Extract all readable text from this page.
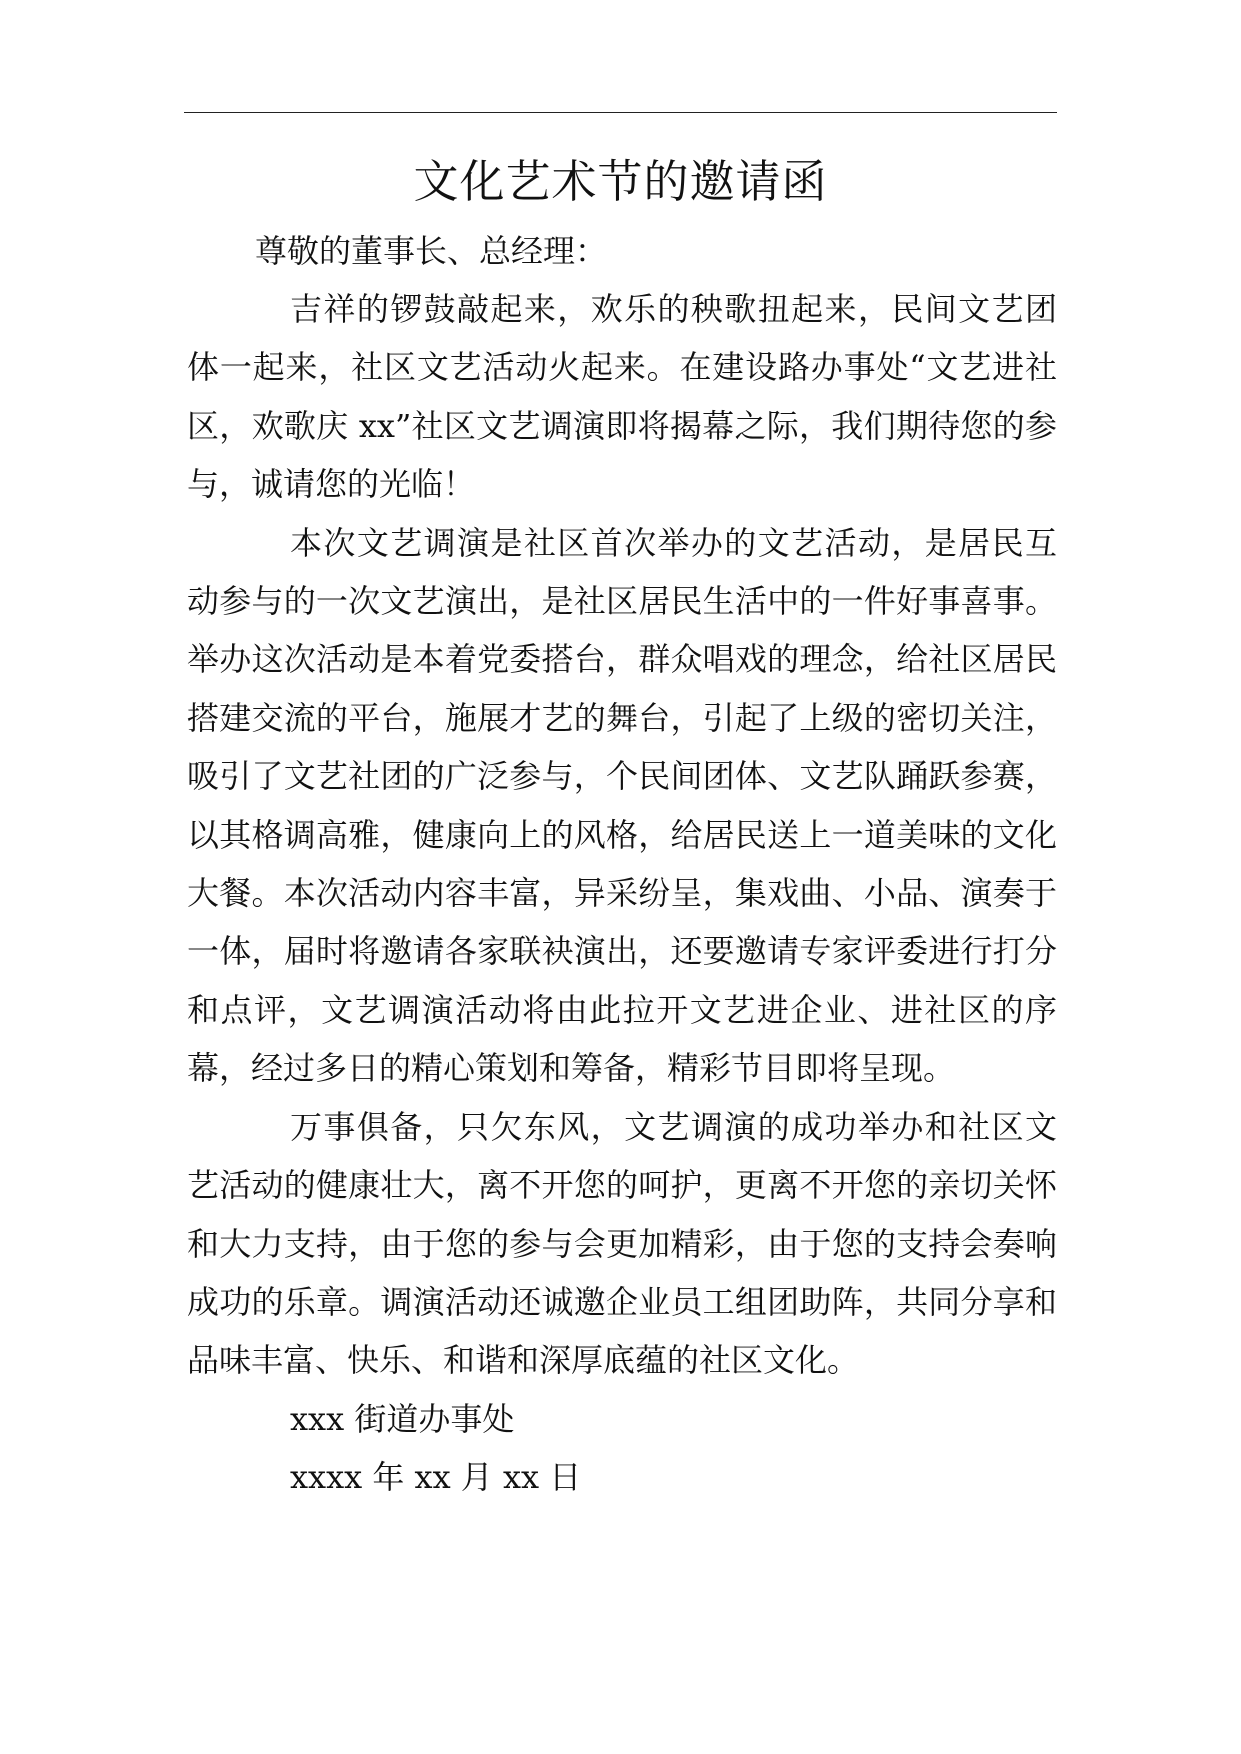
文化艺术节的邀请函

尊敬的董事长、总经理：

吉祥的锣鼓敲起来，欢乐的秧歌扭起来，民间文艺团体一起来，社区文艺活动火起来。在建设路办事处“文艺进社区，欢歌庆 xx”社区文艺调演即将揭幕之际，我们期待您的参与，诚请您的光临！

本次文艺调演是社区首次举办的文艺活动，是居民互动参与的一次文艺演出，是社区居民生活中的一件好事喜事。举办这次活动是本着党委搭台，群众唱戏的理念，给社区居民搭建交流的平台，施展才艺的舞台，引起了上级的密切关注，吸引了文艺社团的广泛参与，个民间团体、文艺队踊跃参赛，以其格调高雅，健康向上的风格，给居民送上一道美味的文化大餐。本次活动内容丰富，异采纷呈，集戏曲、小品、演奏于一体，届时将邀请各家联袂演出，还要邀请专家评委进行打分和点评，文艺调演活动将由此拉开文艺进企业、进社区的序幕，经过多日的精心策划和筹备，精彩节目即将呈现。

万事俱备，只欠东风，文艺调演的成功举办和社区文艺活动的健康壮大，离不开您的呵护，更离不开您的亲切关怀和大力支持，由于您的参与会更加精彩，由于您的支持会奏响成功的乐章。调演活动还诚邀企业员工组团助阵，共同分享和品味丰富、快乐、和谐和深厚底蕴的社区文化。

xxx 街道办事处

xxxx 年 xx 月 xx 日
